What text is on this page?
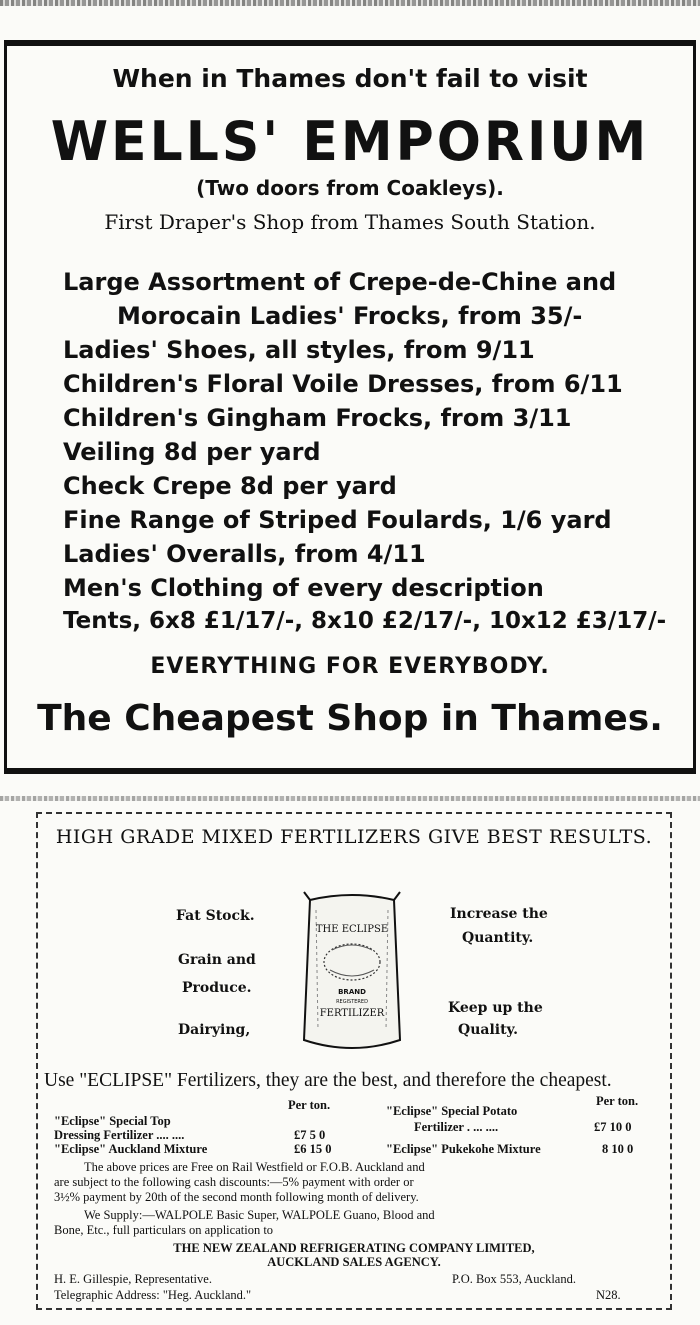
When in Thames don't fail to visit
WELLS' EMPORIUM
(Two doors from Coakleys).
First Draper's Shop from Thames South Station.
Large Assortment of Crepe-de-Chine and
Morocain Ladies' Frocks, from 35/-
Ladies' Shoes, all styles, from 9/11
Children's Floral Voile Dresses, from 6/11
Children's Gingham Frocks, from 3/11
Veiling 8d per yard
Check Crepe 8d per yard
Fine Range of Striped Foulards, 1/6 yard
Ladies' Overalls, from 4/11
Men's Clothing of every description
Tents, 6x8 £1/17/-, 8x10 £2/17/-, 10x12 £3/17/-
EVERYTHING FOR EVERYBODY.
The Cheapest Shop in Thames.
HIGH GRADE MIXED FERTILIZERS GIVE BEST RESULTS.
Fat Stock.
Grain and
Produce.
Dairying,
Increase the
Quantity.
Keep up the
Quality.
THE ECLIPSE
BRAND
REGISTERED
FERTILIZER
Use "ECLIPSE" Fertilizers, they are the best, and therefore the cheapest.
Per ton.	Per ton.
"Eclipse" Special Top
Dressing Fertilizer .... ....	£7 5 0
"Eclipse" Auckland Mixture	£6 15 0
"Eclipse" Special Potato
Fertilizer . ... ....	£7 10 0
"Eclipse" Pukekohe Mixture	8 10 0
The above prices are Free on Rail Westfield or F.O.B. Auckland and
are subject to the following cash discounts:—5% payment with order or
3½% payment by 20th of the second month following month of delivery.
We Supply:—WALPOLE Basic Super, WALPOLE Guano, Blood and
Bone, Etc., full particulars on application to
THE NEW ZEALAND REFRIGERATING COMPANY LIMITED,
AUCKLAND SALES AGENCY.
H. E. Gillespie, Representative.	P.O. Box 553, Auckland.
Telegraphic Address: "Heg. Auckland."	N28.
